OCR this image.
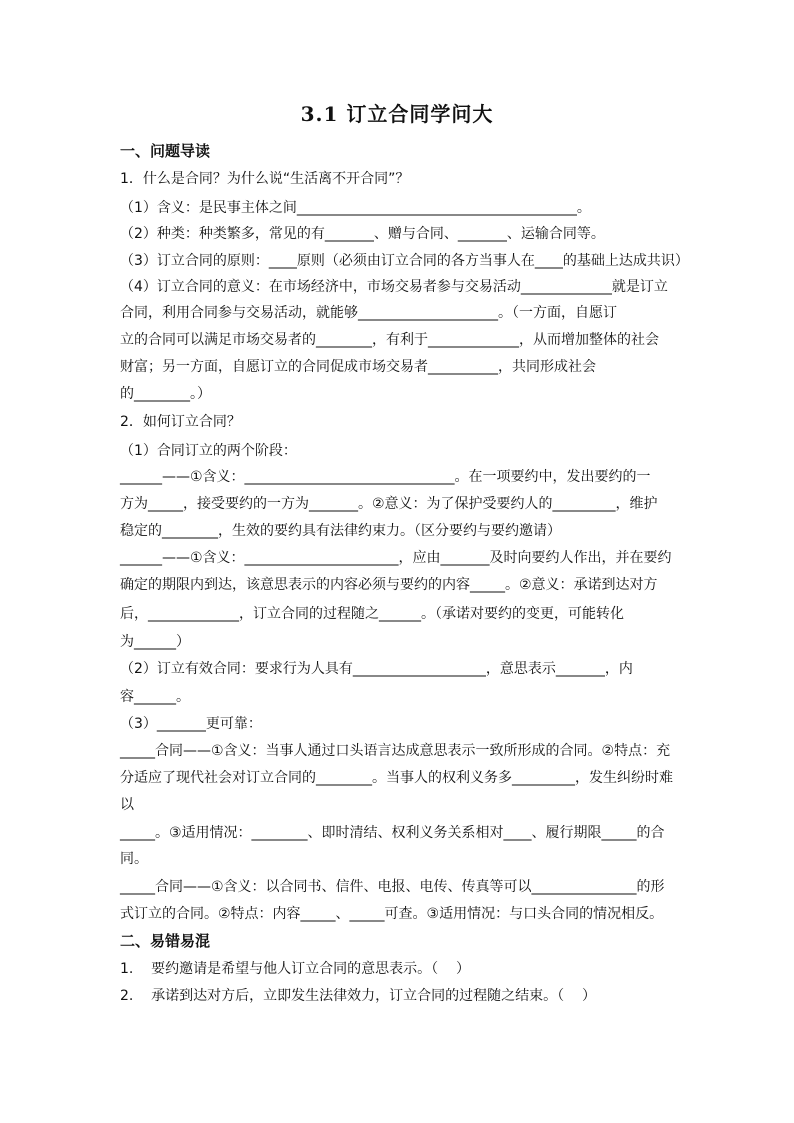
3.1 订立合同学问大
一、问题导读
1．什么是合同？为什么说“生活离不开合同”？
（1）含义：是民事主体之间________________________________________。
（2）种类：种类繁多，常见的有_______、赠与合同、_______、运输合同等。
（3）订立合同的原则：____原则（必须由订立合同的各方当事人在____的基础上达成共识）
（4）订立合同的意义：在市场经济中，市场交易者参与交易活动_____________就是订立
合同，利用合同参与交易活动，就能够____________________。（一方面，自愿订
立的合同可以满足市场交易者的________，有利于_____________，从而增加整体的社会
财富；另一方面，自愿订立的合同促成市场交易者__________，共同形成社会
的________。）
2．如何订立合同？
（1）合同订立的两个阶段：
______——①含义：______________________________。在一项要约中，发出要约的一
方为_____，接受要约的一方为_______。②意义：为了保护受要约人的_________，维护
稳定的________，生效的要约具有法律约束力。（区分要约与要约邀请）
______——①含义：______________________，应由_______及时向要约人作出，并在要约
确定的期限内到达，该意思表示的内容必须与要约的内容_____。②意义：承诺到达对方
后，_____________，订立合同的过程随之______。（承诺对要约的变更，可能转化
为______）
（2）订立有效合同：要求行为人具有___________________，意思表示_______，内
容______。
（3）_______更可靠：
_____合同——①含义：当事人通过口头语言达成意思表示一致所形成的合同。②特点：充
分适应了现代社会对订立合同的________。当事人的权利义务多_________，发生纠纷时难
以
_____。③适用情况：________、即时清结、权利义务关系相对____、履行期限_____的合
同。
_____合同——①含义：以合同书、信件、电报、电传、传真等可以_______________的形
式订立的合同。②特点：内容_____、_____可查。③适用情况：与口头合同的情况相反。
二、易错易混
1.    要约邀请是希望与他人订立合同的意思表示。（    ）
2.    承诺到达对方后，立即发生法律效力，订立合同的过程随之结束。（    ）
